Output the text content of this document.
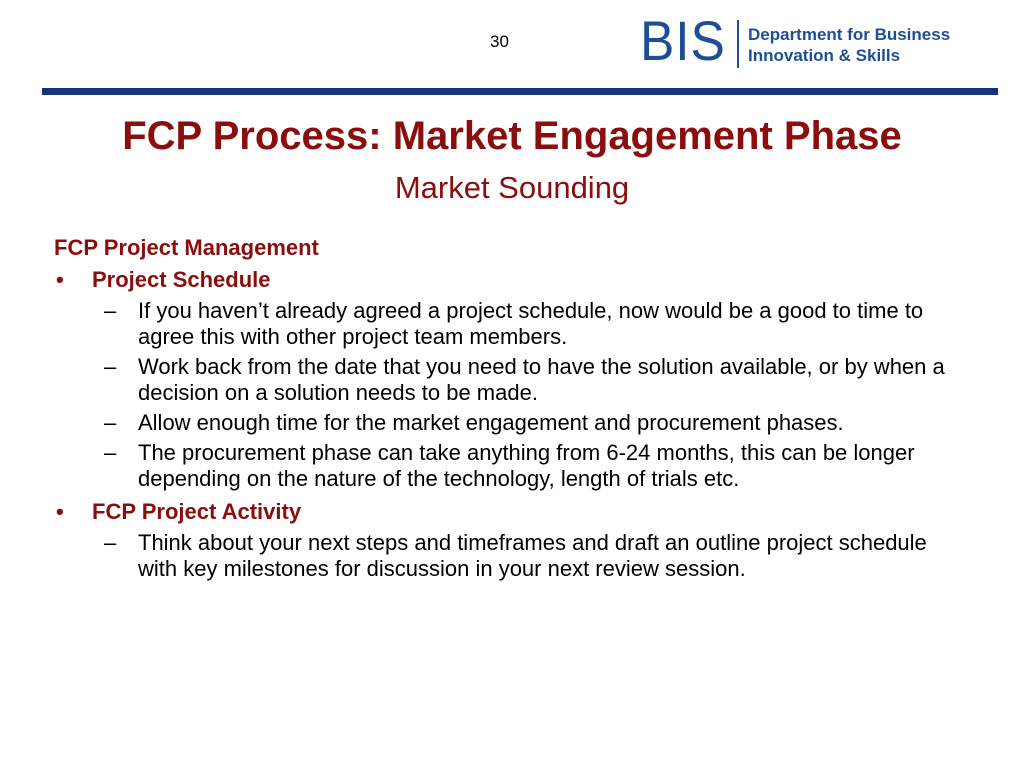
30 BIS Department for Business
Innovation & Skills
FCP Process: Market Engagement Phase
Market Sounding
FCP Project Management
• Project Schedule
– If you haven’t already agreed a project schedule, now would be a good to time to agree this with other project team members.
– Work back from the date that you need to have the solution available, or by when a decision on a solution needs to be made.
– Allow enough time for the market engagement and procurement phases.
– The procurement phase can take anything from 6-24 months, this can be longer depending on the nature of the technology, length of trials etc.
• FCP Project Activity
– Think about your next steps and timeframes and draft an outline project schedule with key milestones for discussion in your next review session.
